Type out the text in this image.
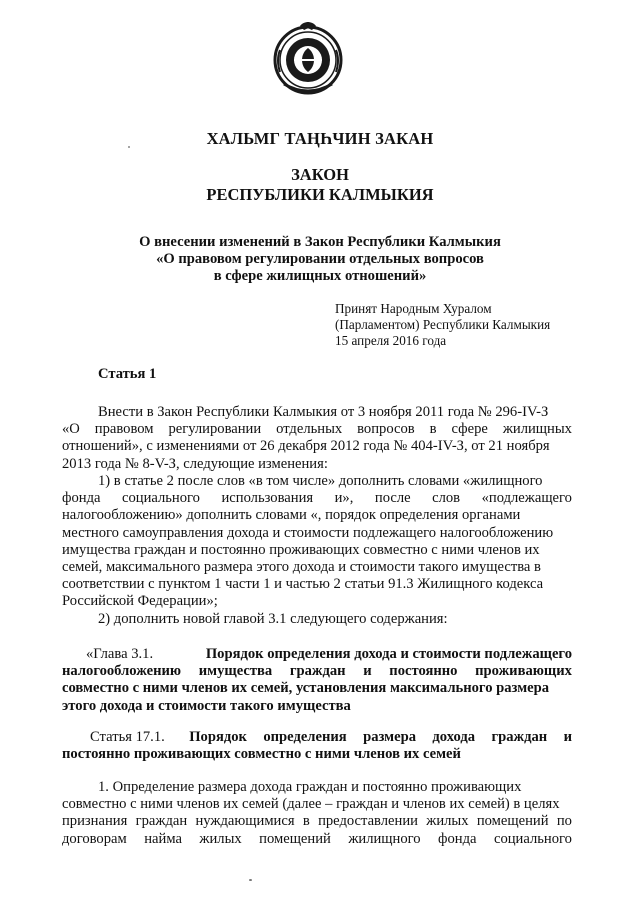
ХАЛЬМГ ТАҢҺЧИН ЗАКАН
ЗАКОН
РЕСПУБЛИКИ КАЛМЫКИЯ
О внесении изменений в Закон Республики Калмыкия
«О правовом регулировании отдельных вопросов
в сфере жилищных отношений»
Принят Народным Хуралом
(Парламентом) Республики Калмыкия
15 апреля 2016 года
Статья 1
Внести в Закон Республики Калмыкия от 3 ноября 2011 года № 296-IV-З
«О правовом регулировании отдельных вопросов в сфере жилищных
отношений», с изменениями от 26 декабря 2012 года № 404-IV-З, от 21 ноября
2013 года № 8-V-З, следующие изменения:
1) в статье 2 после слов «в том числе» дополнить словами «жилищного
фонда социального использования и», после слов «подлежащего
налогообложению» дополнить словами «, порядок определения органами
местного самоуправления дохода и стоимости подлежащего налогообложению
имущества граждан и постоянно проживающих совместно с ними членов их
семей, максимального размера этого дохода и стоимости такого имущества в
соответствии с пунктом 1 части 1 и частью 2 статьи 91.3 Жилищного кодекса
Российской Федерации»;
2) дополнить новой главой 3.1 следующего содержания:
«Глава 3.1.	Порядок определения дохода и стоимости подлежащего
налогообложению имущества граждан и постоянно проживающих
совместно с ними членов их семей, установления максимального размера
этого дохода и стоимости такого имущества
Статья 17.1. Порядок определения размера дохода граждан и
постоянно проживающих совместно с ними членов их семей
1. Определение размера дохода граждан и постоянно проживающих
совместно с ними членов их семей (далее – граждан и членов их семей) в целях
признания граждан нуждающимися в предоставлении жилых помещений по
договорам найма жилых помещений жилищного фонда социального
